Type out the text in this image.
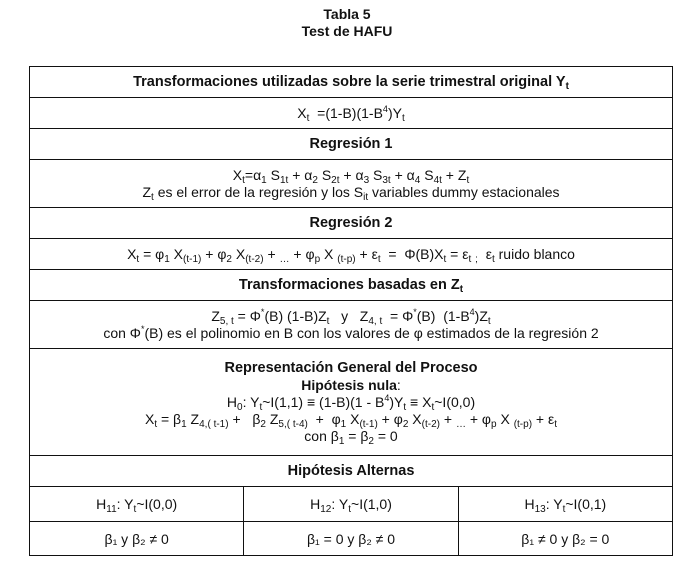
Tabla 5
Test de HAFU
Transformaciones utilizadas sobre la serie trimestral original $Y_t$
$X_t =(1-B)(1-B^4)Y_t$
Regresión 1
$X_t=\alpha_1$ $S_{1t} + \alpha_2$ $S_{2t} + \alpha_3$ $S_{3t} + \alpha_4$ $S_{4t} + Z_t$
$Z_t$ es el error de la regresión y los $S_{it}$ variables dummy estacionales
Regresión 2
$X_t = \varphi_1$ $X_{(t-1)} + \varphi_2$ $X_{(t-2)} + _\dots + \varphi_p$ X $_{(t-p)} + \varepsilon_t = \Phi(B)X_t = \varepsilon_t$ $_;$  $\varepsilon_t$ ruido blanco
Transformaciones basadas en $Z_t$
$Z_{5, t} = \Phi^*(B)$ $(1-B)Z_t$   y   $Z_{4, t} = \Phi^*(B)$  $(1-B^4)Z_t$
con Φ*(B) es el polinomio en B con los valores de φ estimados de la regresión 2
Representación General del Proceso
Hipótesis nula:
$H_0$: $Y_t\sim I(1,1) \equiv (1-B)(1 - B^4)Y_t$ ≡ $X_t\sim I(0,0)$
$X_t = \beta_1$ $Z_{4,( t-1)} + \beta_2$ $Z_{5,( t-4)} + \varphi_1$ $X_{(t-1)} + \varphi_2$ $X_{(t-2)} + _\dots + \varphi_p$ X $_{(t-p)} + \varepsilon_t$
con $\beta_1 = \beta_2 = 0$
Hipótesis Alternas
$H_{11}$: $Y_t\sim I(0,0)$	$H_{12}$: $Y_t\sim I(1,0)$	$H_{13}$: $Y_t\sim I(0,1)$
β₁ y β₂ ≠ 0	β₁ = 0 y β₂ ≠ 0	β₁ ≠ 0 y β₂ = 0
